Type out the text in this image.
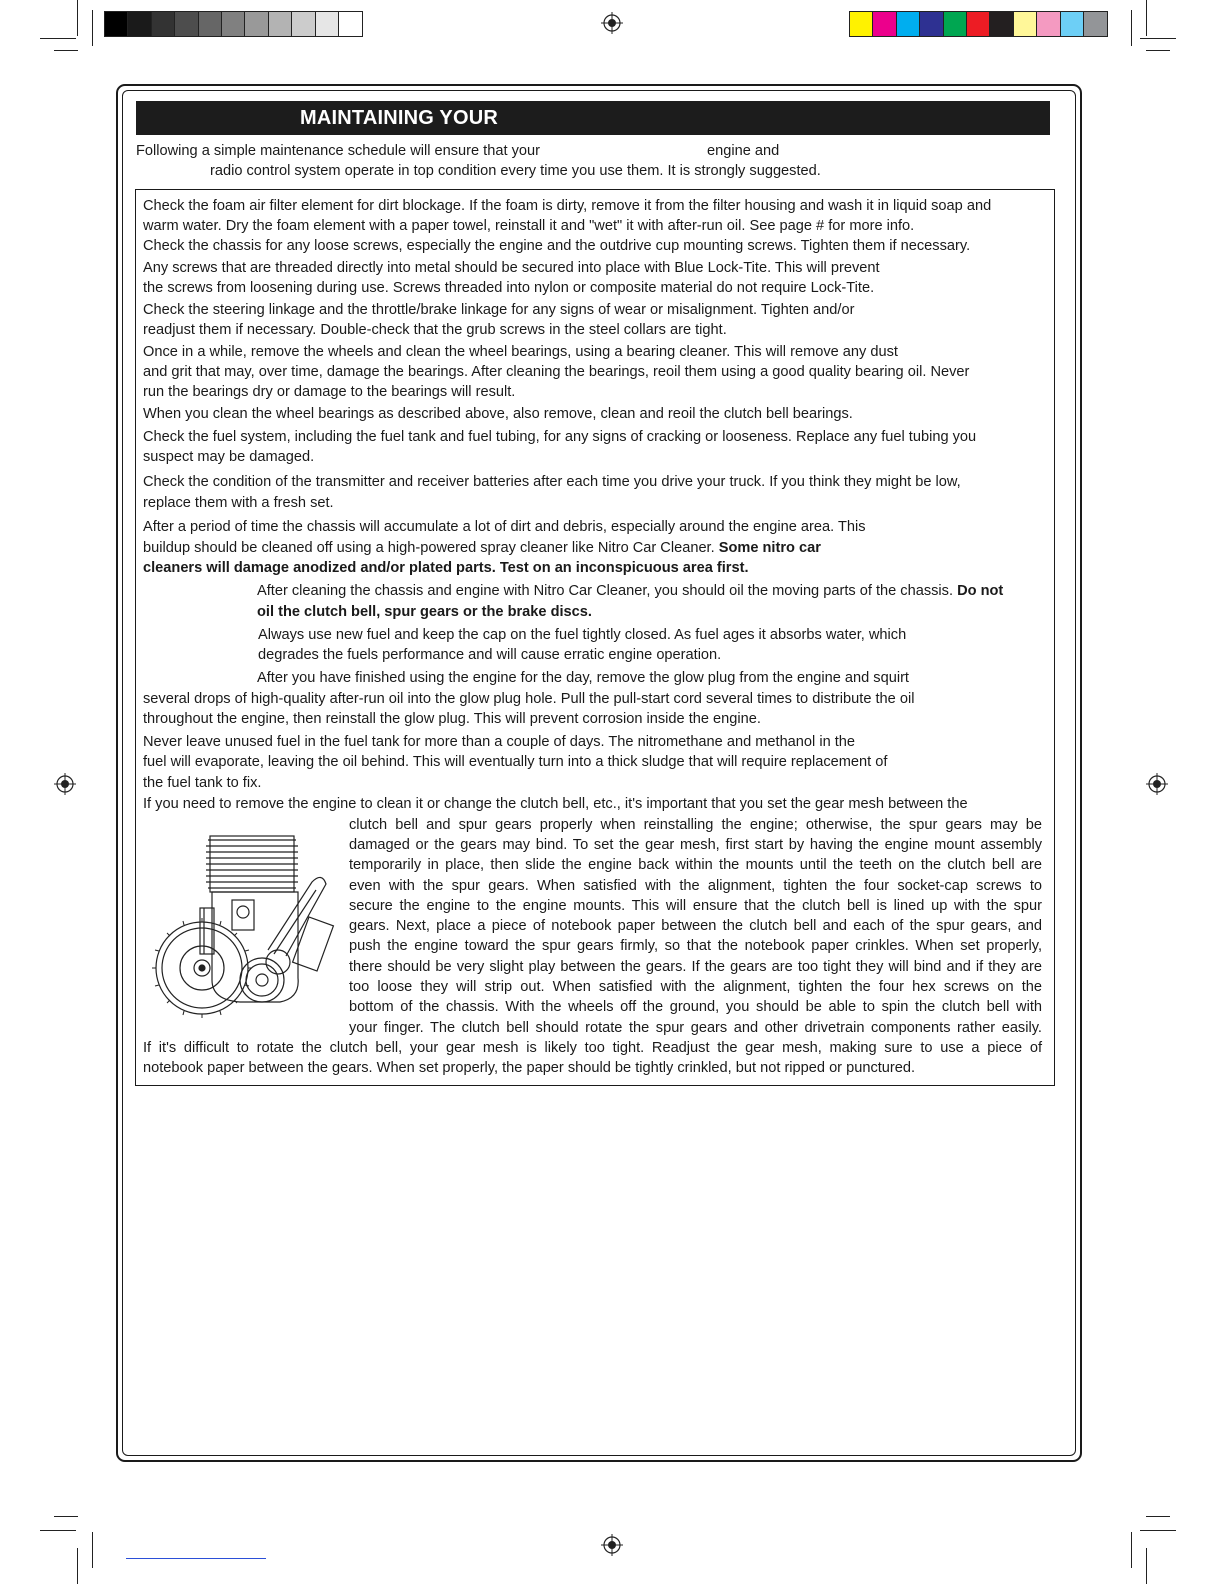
MAINTAINING YOUR
Following a simple maintenance schedule will ensure that your	engine and
radio control system operate in top condition every time you use them. It is strongly suggested.
Check the foam air filter element for dirt blockage. If the foam is dirty, remove it from the filter housing and wash it in liquid soap and
warm water. Dry the foam element with a paper towel, reinstall it and "wet" it with after-run oil. See page # for more info.
Check the chassis for any loose screws, especially the engine and the outdrive cup mounting screws. Tighten them if necessary.
Any screws that are threaded directly into metal should be secured into place with Blue Lock-Tite. This will prevent
the screws from loosening during use. Screws threaded into nylon or composite material do not require Lock-Tite.
Check the steering linkage and the throttle/brake linkage for any signs of wear or misalignment. Tighten and/or
readjust them if necessary. Double-check that the grub screws in the steel collars are tight.
Once in a while, remove the wheels and clean the wheel bearings, using a bearing cleaner. This will remove any dust
and grit that may, over time, damage the bearings. After cleaning the bearings, reoil them using a good quality bearing oil. Never
run the bearings dry or damage to the bearings will result.
When you clean the wheel bearings as described above, also remove, clean and reoil the clutch bell bearings.
Check the fuel system, including the fuel tank and fuel tubing, for any signs of cracking or looseness. Replace any fuel tubing you
suspect may be damaged.
Check the condition of the transmitter and receiver batteries after each time you drive your truck. If you think they might be low,
replace them with a fresh set.
After a period of time the chassis will accumulate a lot of dirt and debris, especially around the engine area. This
buildup should be cleaned off using a high-powered spray cleaner like Nitro Car Cleaner. Some nitro car
cleaners will damage anodized and/or plated parts. Test on an inconspicuous area first.
After cleaning the chassis and engine with Nitro Car Cleaner, you should oil the moving parts of the chassis. Do not
oil the clutch bell, spur gears or the brake discs.
Always use new fuel and keep the cap on the fuel tightly closed. As fuel ages it absorbs water, which
degrades the fuels performance and will cause erratic engine operation.
After you have finished using the engine for the day, remove the glow plug from the engine and squirt
several drops of high-quality after-run oil into the glow plug hole. Pull the pull-start cord several times to distribute the oil
throughout the engine, then reinstall the glow plug. This will prevent corrosion inside the engine.
Never leave unused fuel in the fuel tank for more than a couple of days. The nitromethane and methanol in the
fuel will evaporate, leaving the oil behind. This will eventually turn into a thick sludge that will require replacement of
the fuel tank to fix.
If you need to remove the engine to clean it or change the clutch bell, etc., it's important that you set the gear mesh between the
clutch bell and spur gears properly when reinstalling the engine; otherwise, the spur gears may be
damaged or the gears may bind. To set the gear mesh, first start by having the engine mount assembly
temporarily in place, then slide the engine back within the mounts until the teeth on the clutch bell are
even with the spur gears. When satisfied with the alignment, tighten the four socket-cap screws to
secure the engine to the engine mounts. This will ensure that the clutch bell is lined up with the spur
gears. Next, place a piece of notebook paper between the clutch bell and each of the spur gears, and
push the engine toward the spur gears firmly, so that the notebook paper crinkles. When set properly,
there should be very slight play between the gears. If the gears are too tight they will bind and if they are
too loose they will strip out. When satisfied with the alignment, tighten the four hex screws on the
bottom of the chassis. With the wheels off the ground, you should be able to spin the clutch bell with
your finger. The clutch bell should rotate the spur gears and other drivetrain components rather easily.
If it's difficult to rotate the clutch bell, your gear mesh is likely too tight. Readjust the gear mesh, making sure to use a piece of
notebook paper between the gears. When set properly, the paper should be tightly crinkled, but not ripped or punctured.
